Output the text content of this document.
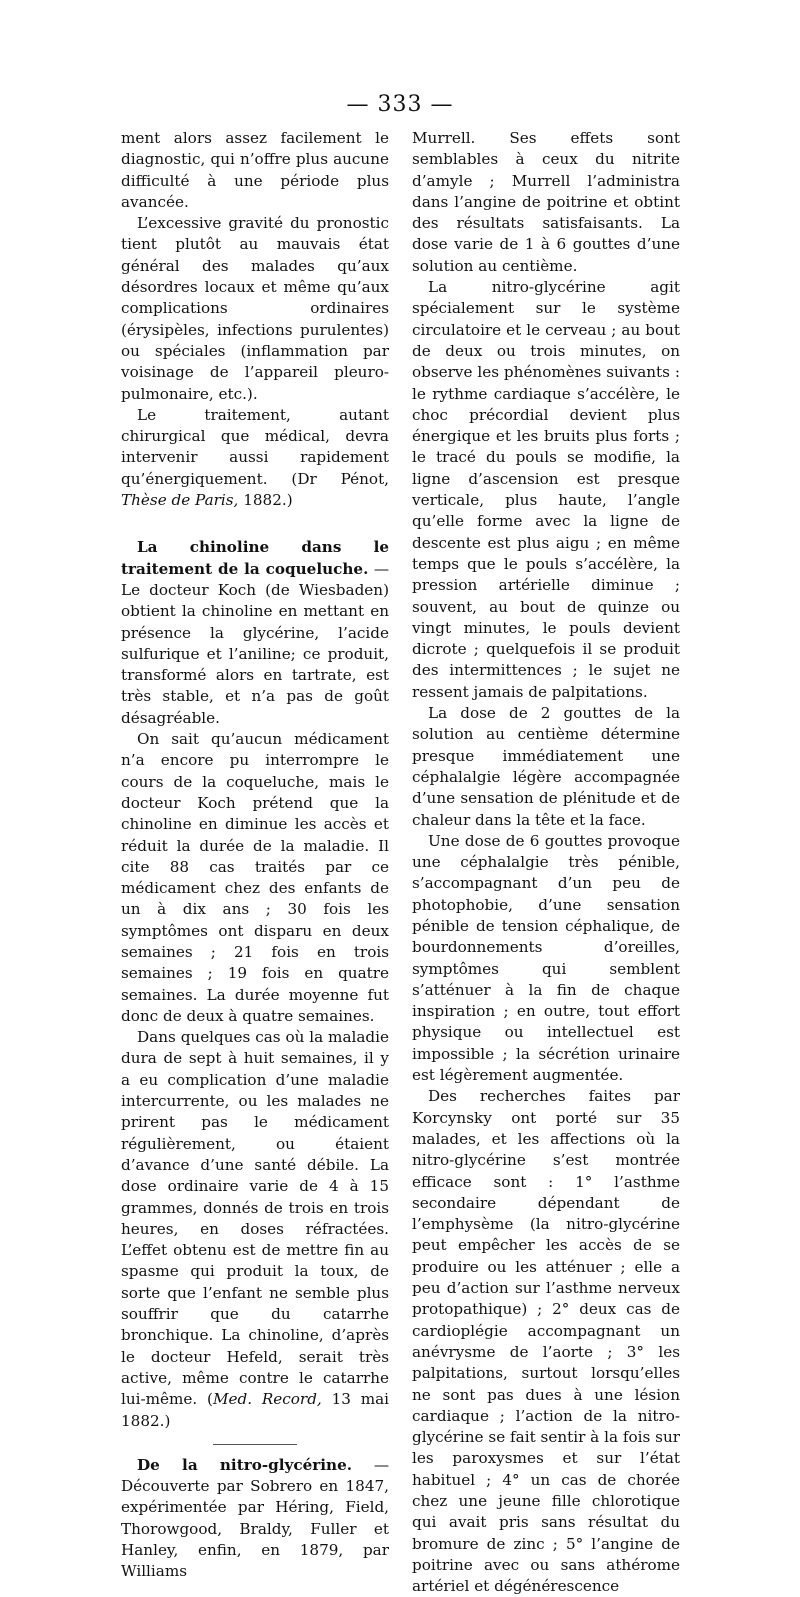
— 333 —

ment alors assez facilement le diagnostic, qui n’offre plus aucune difficulté à une période plus avancée.

L’excessive gravité du pronostic tient plutôt au mauvais état général des malades qu’aux désordres locaux et même qu’aux complications ordinaires (érysipèles, infections purulentes) ou spéciales (inflammation par voisinage de l’appareil pleuro-pulmonaire, etc.).

Le traitement, autant chirurgical que médical, devra intervenir aussi rapidement qu’énergiquement. (Dr Pénot, Thèse de Paris, 1882.)

La chinoline dans le traitement de la coqueluche. — Le docteur Koch (de Wiesbaden) obtient la chinoline en mettant en présence la glycérine, l’acide sulfurique et l’aniline; ce produit, transformé alors en tartrate, est très stable, et n’a pas de goût désagréable.

On sait qu’aucun médicament n’a encore pu interrompre le cours de la coqueluche, mais le docteur Koch prétend que la chinoline en diminue les accès et réduit la durée de la maladie. Il cite 88 cas traités par ce médicament chez des enfants de un à dix ans ; 30 fois les symptômes ont disparu en deux semaines ; 21 fois en trois semaines ; 19 fois en quatre semaines. La durée moyenne fut donc de deux à quatre semaines.

Dans quelques cas où la maladie dura de sept à huit semaines, il y a eu complication d’une maladie intercurrente, ou les malades ne prirent pas le médicament régulièrement, ou étaient d’avance d’une santé débile. La dose ordinaire varie de 4 à 15 grammes, donnés de trois en trois heures, en doses réfractées. L’effet obtenu est de mettre fin au spasme qui produit la toux, de sorte que l’enfant ne semble plus souffrir que du catarrhe bronchique. La chinoline, d’après le docteur Hefeld, serait très active, même contre le catarrhe lui-même. (Med. Record, 13 mai 1882.)

De la nitro-glycérine. — Découverte par Sobrero en 1847, expérimentée par Héring, Field, Thorowgood, Braldy, Fuller et Hanley, enfin, en 1879, par Williams

Murrell. Ses effets sont semblables à ceux du nitrite d’amyle ; Murrell l’administra dans l’angine de poitrine et obtint des résultats satisfaisants. La dose varie de 1 à 6 gouttes d’une solution au centième.

La nitro-glycérine agit spécialement sur le système circulatoire et le cerveau ; au bout de deux ou trois minutes, on observe les phénomènes suivants : le rythme cardiaque s’accélère, le choc précordial devient plus énergique et les bruits plus forts ; le tracé du pouls se modifie, la ligne d’ascension est presque verticale, plus haute, l’angle qu’elle forme avec la ligne de descente est plus aigu ; en même temps que le pouls s’accélère, la pression artérielle diminue ; souvent, au bout de quinze ou vingt minutes, le pouls devient dicrote ; quelquefois il se produit des intermittences ; le sujet ne ressent jamais de palpitations.

La dose de 2 gouttes de la solution au centième détermine presque immédiatement une céphalalgie légère accompagnée d’une sensation de plénitude et de chaleur dans la tête et la face.

Une dose de 6 gouttes provoque une céphalalgie très pénible, s’accompagnant d’un peu de photophobie, d’une sensation pénible de tension céphalique, de bourdonnements d’oreilles, symptômes qui semblent s’atténuer à la fin de chaque inspiration ; en outre, tout effort physique ou intellectuel est impossible ; la sécrétion urinaire est légèrement augmentée.

Des recherches faites par Korcynsky ont porté sur 35 malades, et les affections où la nitro-glycérine s’est montrée efficace sont : 1° l’asthme secondaire dépendant de l’emphysème (la nitro-glycérine peut empêcher les accès de se produire ou les atténuer ; elle a peu d’action sur l’asthme nerveux protopathique) ; 2° deux cas de cardioplégie accompagnant un anévrysme de l’aorte ; 3° les palpitations, surtout lorsqu’elles ne sont pas dues à une lésion cardiaque ; l’action de la nitro-glycérine se fait sentir à la fois sur les paroxysmes et sur l’état habituel ; 4° un cas de chorée chez une jeune fille chlorotique qui avait pris sans résultat du bromure de zinc ; 5° l’angine de poitrine avec ou sans athérome artériel et dégénérescence
